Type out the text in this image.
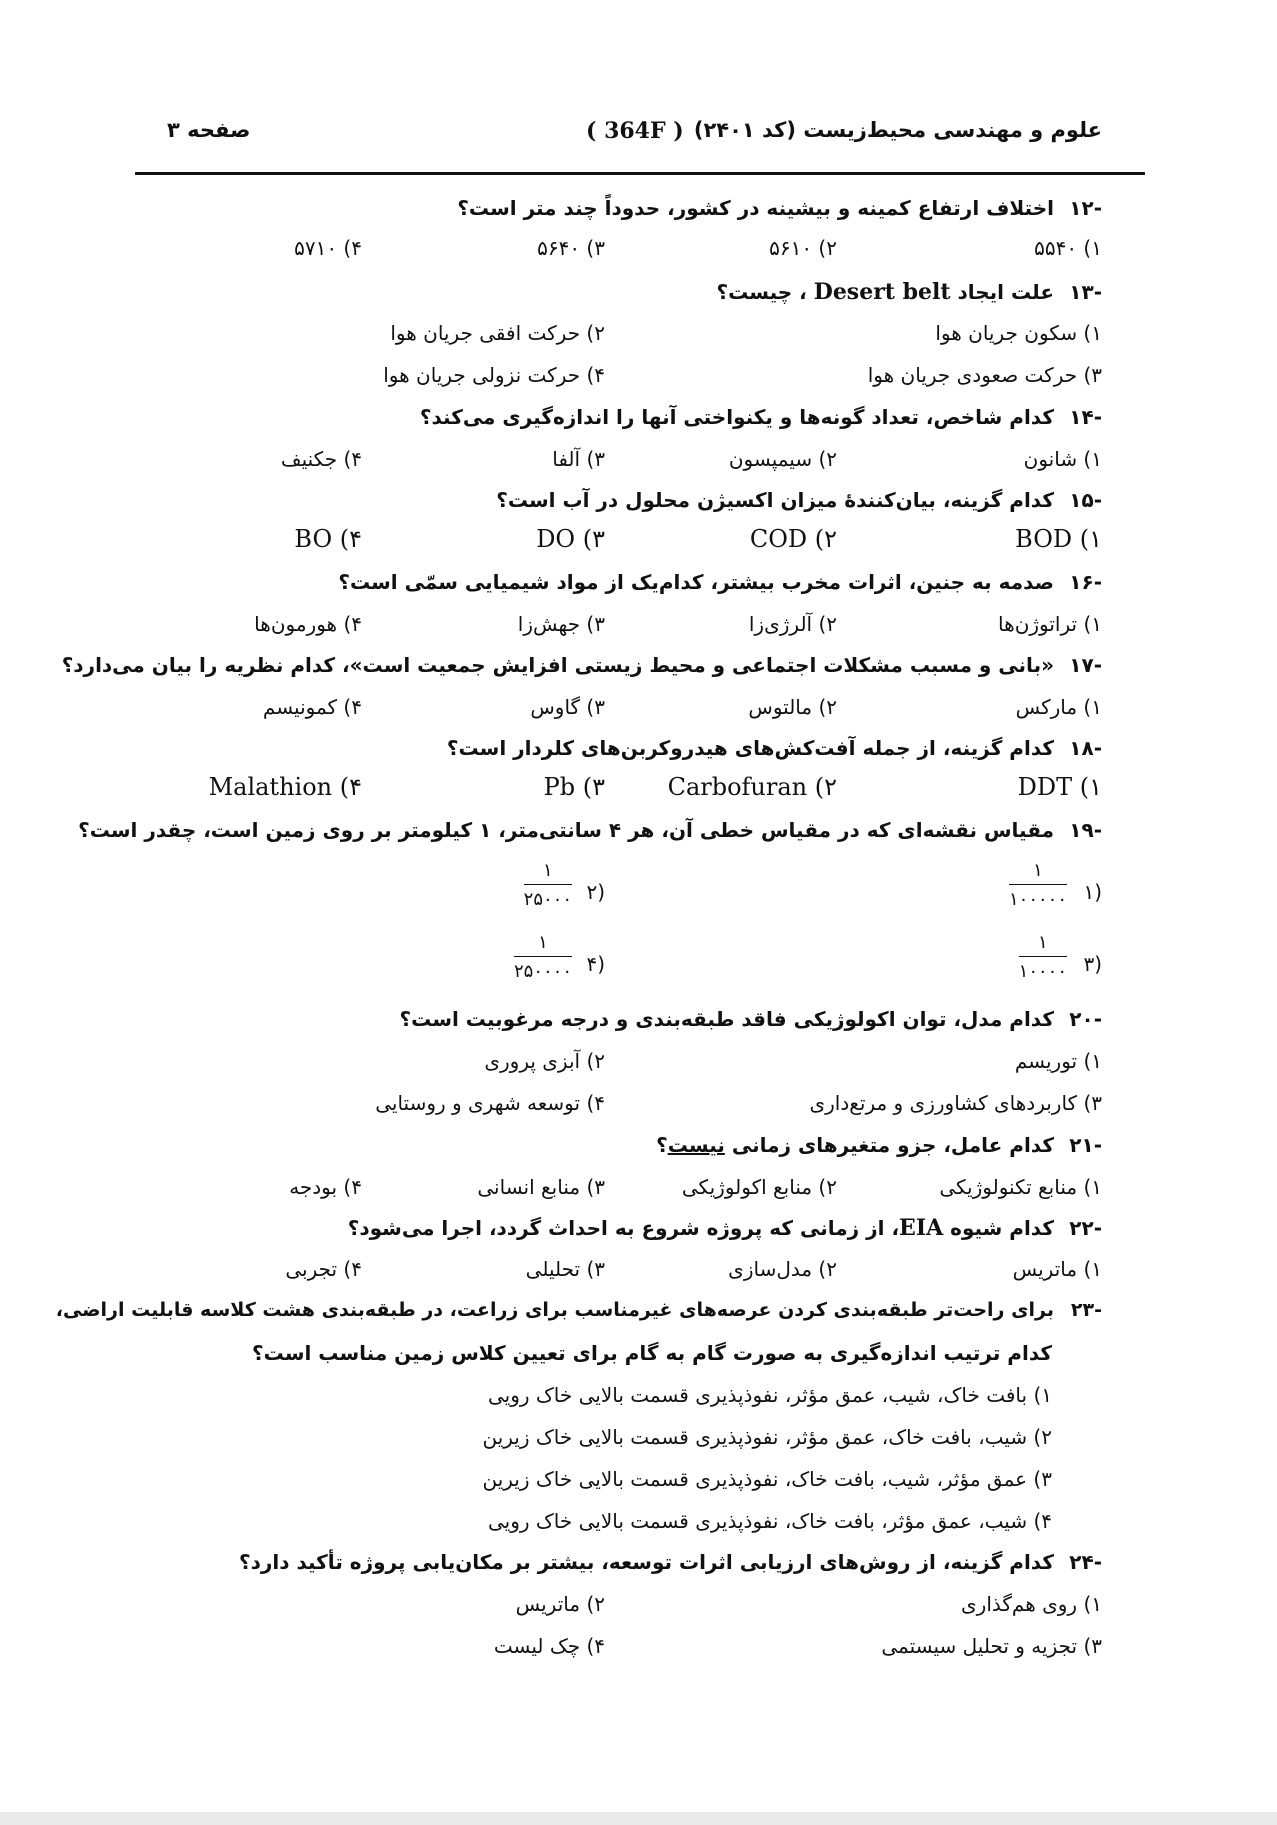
علوم و مهندسی محیط‌زیست (کد ۲۴۰۱)
( 364F )
صفحه ۳
-۱۲اختلاف ارتفاع کمینه و بیشینه در کشور، حدوداً چند متر است؟
۱) ۵۵۴۰
۲) ۵۶۱۰
۳) ۵۶۴۰
۴) ۵۷۱۰
-۱۳علت ایجاد Desert belt ، چیست؟
۱) سکون جریان هوا
۲) حرکت افقی جریان هوا
۳) حرکت صعودی جریان هوا
۴) حرکت نزولی جریان هوا
-۱۴کدام شاخص، تعداد گونه‌ها و یکنواختی آنها را اندازه‌گیری می‌کند؟
۱) شانون
۲) سیمپسون
۳) آلفا
۴) جکنیف
-۱۵کدام گزینه، بیان‌کنندهٔ میزان اکسیژن محلول در آب است؟
BOD (۱
COD (۲
DO (۳
BO (۴
-۱۶صدمه به جنین، اثرات مخرب بیشتر، کدام‌یک از مواد شیمیایی سمّی است؟
۱) تراتوژن‌ها
۲) آلرژی‌زا
۳) جهش‌زا
۴) هورمون‌ها
-۱۷«بانی و مسبب مشکلات اجتماعی و محیط زیستی افزایش جمعیت است»، کدام نظریه را بیان می‌دارد؟
۱) مارکس
۲) مالتوس
۳) گاوس
۴) کمونیسم
-۱۸کدام گزینه، از جمله آفت‌کش‌های هیدروکربن‌های کلردار است؟
DDT (۱
Carbofuran (۲
Pb (۳
Malathion (۴
-۱۹مقیاس نقشه‌ای که در مقیاس خطی آن، هر ۴ سانتی‌متر، ۱ کیلومتر بر روی زمین است، چقدر است؟
(۱
۱
۱۰۰۰۰۰
(۲
۱
۲۵۰۰۰
(۳
۱
۱۰۰۰۰
(۴
۱
۲۵۰۰۰۰
-۲۰کدام مدل، توان اکولوژیکی فاقد طبقه‌بندی و درجه مرغوبیت است؟
۱) توریسم
۲) آبزی پروری
۳) کاربردهای کشاورزی و مرتع‌داری
۴) توسعه شهری و روستایی
-۲۱کدام عامل، جزو متغیرهای زمانی نیست؟
۱) منابع تکنولوژیکی
۲) منابع اکولوژیکی
۳) منابع انسانی
۴) بودجه
-۲۲کدام شیوه EIA، از زمانی که پروژه شروع به احداث گردد، اجرا می‌شود؟
۱) ماتریس
۲) مدل‌سازی
۳) تحلیلی
۴) تجربی
-۲۳برای راحت‌تر طبقه‌بندی کردن عرصه‌های غیرمناسب برای زراعت، در طبقه‌بندی هشت کلاسه قابلیت اراضی،
کدام ترتیب اندازه‌گیری به صورت گام به گام برای تعیین کلاس زمین مناسب است؟
۱) بافت خاک، شیب، عمق مؤثر، نفوذپذیری قسمت بالایی خاک رویی
۲) شیب، بافت خاک، عمق مؤثر، نفوذپذیری قسمت بالایی خاک زیرین
۳) عمق مؤثر، شیب، بافت خاک، نفوذپذیری قسمت بالایی خاک زیرین
۴) شیب، عمق مؤثر، بافت خاک، نفوذپذیری قسمت بالایی خاک رویی
-۲۴کدام گزینه، از روش‌های ارزیابی اثرات توسعه، بیشتر بر مکان‌یابی پروژه تأکید دارد؟
۱) روی هم‌گذاری
۲) ماتریس
۳) تجزیه و تحلیل سیستمی
۴) چک لیست
